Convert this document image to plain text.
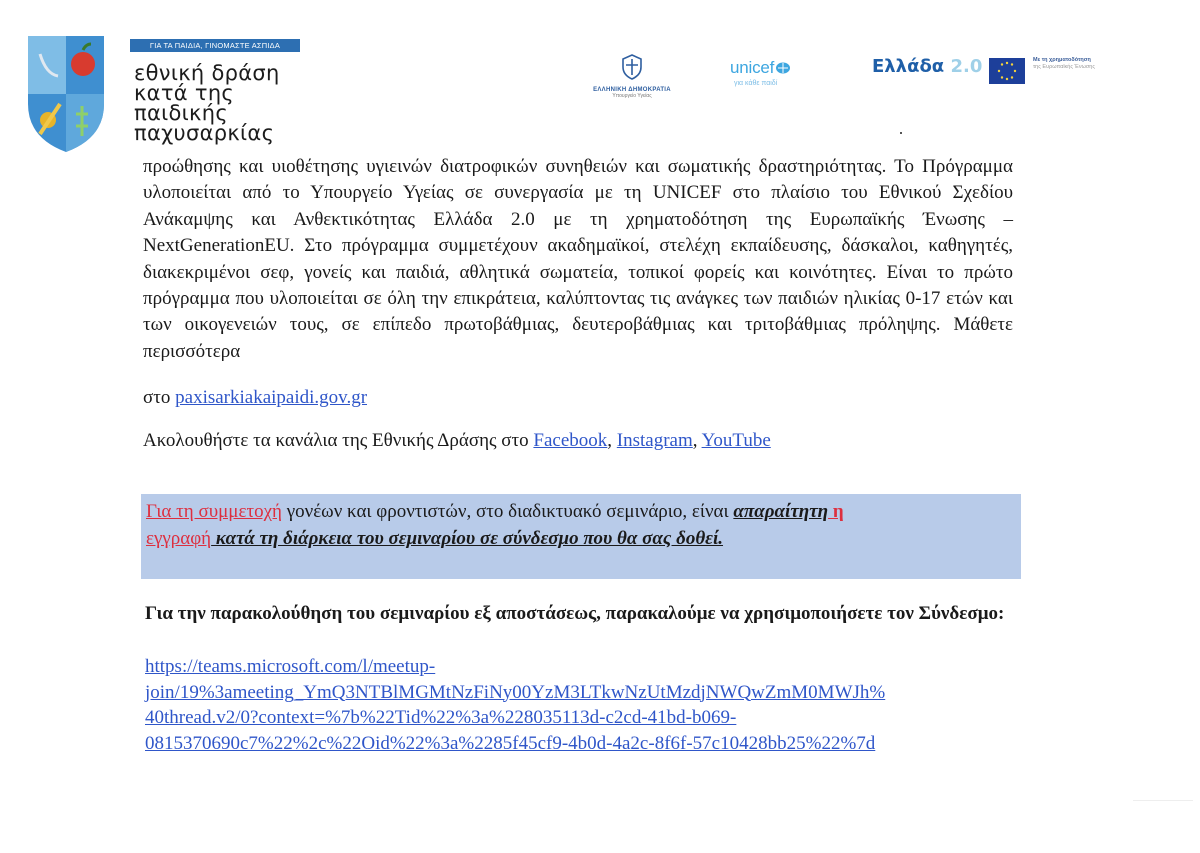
ΓΙΑ ΤΑ ΠΑΙΔΙΑ, ΓΙΝΟΜΑΣΤΕ ΑΣΠΙΔΑ
εθνική δράση
κατά της
παιδικής
παχυσαρκίας
ΕΛΛΗΝΙΚΗ ΔΗΜΟΚΡΑΤΙΑ
Υπουργείο Υγείας
unicef
για κάθε παιδί
Ελλάδα 2.0	Με τη χρηματοδότηση
της Ευρωπαϊκής Ένωσης
προώθησης και υιοθέτησης υγιεινών διατροφικών συνηθειών και σωματικής δραστηριότητας. Το Πρόγραμμα υλοποιείται από το Υπουργείο Υγείας σε συνεργασία με τη UNICEF στο πλαίσιο του Εθνικού Σχεδίου Ανάκαμψης και Ανθεκτικότητας Ελλάδα 2.0 με τη χρηματοδότηση της Ευρωπαϊκής Ένωσης – NextGenerationEU. Στο πρόγραμμα συμμετέχουν ακαδημαϊκοί, στελέχη εκπαίδευσης, δάσκαλοι, καθηγητές, διακεκριμένοι σεφ, γονείς και παιδιά, αθλητικά σωματεία, τοπικοί φορείς και κοινότητες. Είναι το πρώτο πρόγραμμα που υλοποιείται σε όλη την επικράτεια, καλύπτοντας τις ανάγκες των παιδιών ηλικίας 0-17 ετών και των οικογενειών τους, σε επίπεδο πρωτοβάθμιας, δευτεροβάθμιας και τριτοβάθμιας πρόληψης. Μάθετε περισσότερα
στο paxisarkiakaipaidi.gov.gr
Ακολουθήστε τα κανάλια της Εθνικής Δράσης στο Facebook, Instagram, YouTube
Για τη συμμετοχή γονέων και φροντιστών, στο διαδικτυακό σεμινάριο, είναι απαραίτητη η
εγγραφή κατά τη διάρκεια του σεμιναρίου σε σύνδεσμο που θα σας δοθεί.
Για την παρακολούθηση του σεμιναρίου εξ αποστάσεως, παρακαλούμε να χρησιμοποιήσετε τον Σύνδεσμο:
https://teams.microsoft.com/l/meetup-
join/19%3ameeting_YmQ3NTBlMGMtNzFiNy00YzM3LTkwNzUtMzdjNWQwZmM0MWJh%
40thread.v2/0?context=%7b%22Tid%22%3a%228035113d-c2cd-41bd-b069-
0815370690c7%22%2c%22Oid%22%3a%2285f45cf9-4b0d-4a2c-8f6f-57c10428bb25%22%7d
